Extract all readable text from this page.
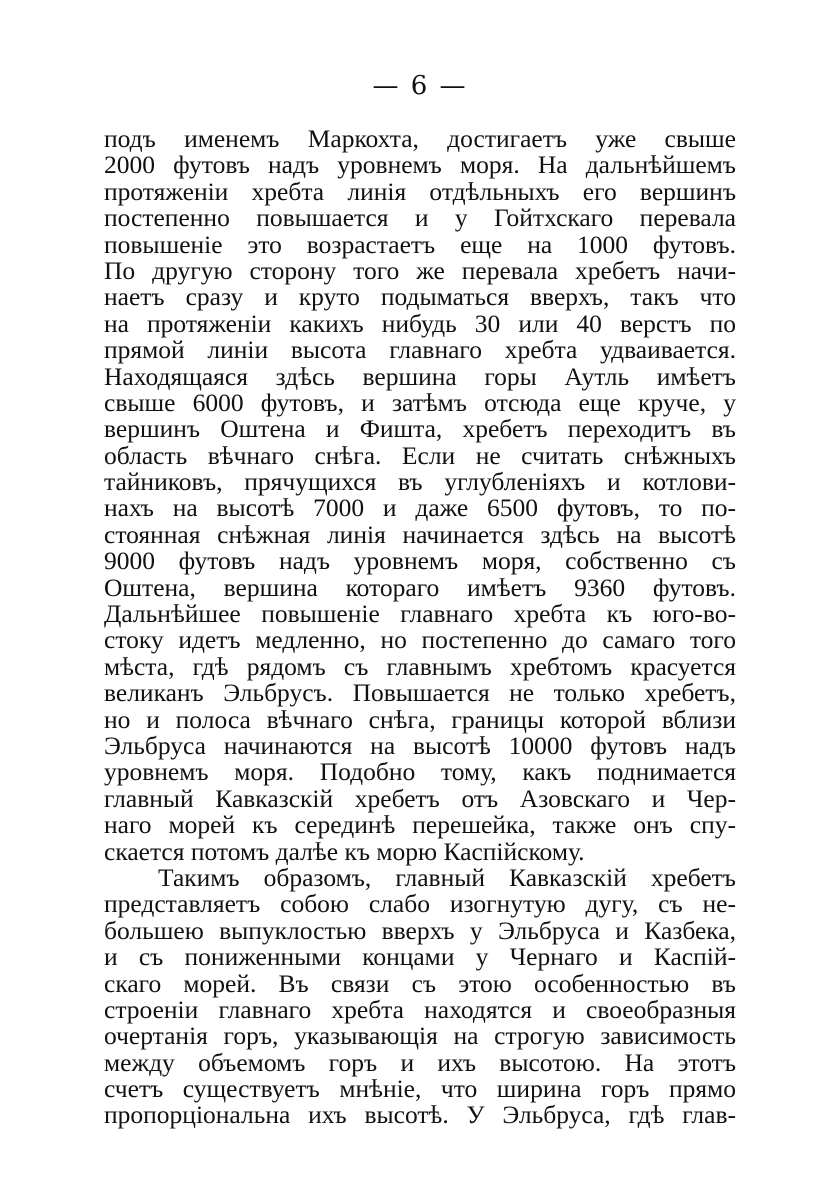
— 6 —
подъ именемъ Маркохта, достигаетъ уже свыше
2000 футовъ надъ уровнемъ моря. На дальнѣйшемъ
протяженіи хребта линія отдѣльныхъ его вершинъ
постепенно повышается и у Гойтхскаго перевала
повышеніе это возрастаетъ еще на 1000 футовъ.
По другую сторону того же перевала хребетъ начи-
наетъ сразу и круто подыматься вверхъ, такъ что
на протяженіи какихъ нибудь 30 или 40 верстъ по
прямой линіи высота главнаго хребта удваивается.
Находящаяся здѣсь вершина горы Аутль имѣетъ
свыше 6000 футовъ, и затѣмъ отсюда еще круче, у
вершинъ Оштена и Фишта, хребетъ переходитъ въ
область вѣчнаго снѣга. Если не считать снѣжныхъ
тайниковъ, прячущихся въ углубленіяхъ и котлови-
нахъ на высотѣ 7000 и даже 6500 футовъ, то по-
стоянная снѣжная линія начинается здѣсь на высотѣ
9000 футовъ надъ уровнемъ моря, собственно съ
Оштена, вершина котораго имѣетъ 9360 футовъ.
Дальнѣйшее повышеніе главнаго хребта къ юго-во-
стоку идетъ медленно, но постепенно до самаго того
мѣста, гдѣ рядомъ съ главнымъ хребтомъ красуется
великанъ Эльбрусъ. Повышается не только хребетъ,
но и полоса вѣчнаго снѣга, границы которой вблизи
Эльбруса начинаются на высотѣ 10000 футовъ надъ
уровнемъ моря. Подобно тому, какъ поднимается
главный Кавказскій хребетъ отъ Азовскаго и Чер-
наго морей къ серединѣ перешейка, также онъ спу-
скается потомъ далѣе къ морю Каспійскому.
Такимъ образомъ, главный Кавказскій хребетъ
представляетъ собою слабо изогнутую дугу, съ не-
большею выпуклостью вверхъ у Эльбруса и Казбека,
и съ пониженными концами у Чернаго и Каспій-
скаго морей. Въ связи съ этою особенностью въ
строеніи главнаго хребта находятся и своеобразныя
очертанія горъ, указывающія на строгую зависимость
между объемомъ горъ и ихъ высотою. На этотъ
счетъ существуетъ мнѣніе, что ширина горъ прямо
пропорціональна ихъ высотѣ. У Эльбруса, гдѣ глав-
